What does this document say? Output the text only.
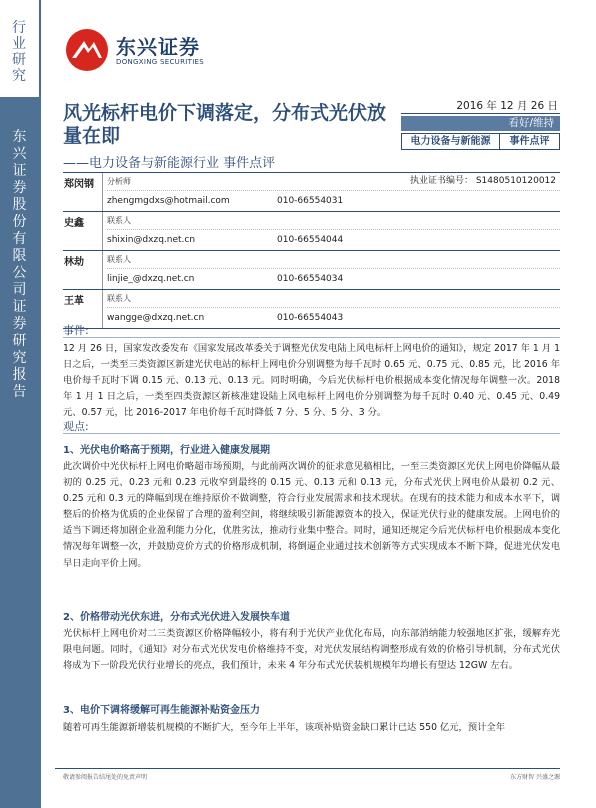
行业研究
东兴证券股份有限公司证券研究报告
东兴证券
DONGXING SECURITIES
风光标杆电价下调落定，分布式光伏放量在即
——电力设备与新能源行业 事件点评
2016 年 12 月 26 日
看好/维持
电力设备与新能源	事件点评
郑闵钢	分析师	执业证书编号： S1480510120012
zhengmgdxs@hotmail.com	010-66554031
史鑫	联系人
shixin@dxzq.net.cn	010-66554044
林劫	联系人
linjie_@dxzq.net.cn	010-66554034
王革	联系人
wangge@dxzq.net.cn	010-66554043
事件:
12 月 26 日，国家发改委发布《国家发展改革委关于调整光伏发电陆上风电标杆上网电价的通知》，规定 2017 年 1 月 1 日之后，一类至三类资源区新建光伏电站的标杆上网电价分别调整为每千瓦时 0.65 元、0.75 元、0.85 元，比 2016 年电价每千瓦时下调 0.15 元、0.13 元、0.13 元。同时明确，今后光伏标杆电价根据成本变化情况每年调整一次。2018 年 1 月 1 日之后，一类至四类资源区新核准建设陆上风电标杆上网电价分别调整为每千瓦时 0.40 元、0.45 元、0.49 元、0.57 元，比 2016-2017 年电价每千瓦时降低 7 分、5 分、5 分、3 分。
观点:
1、光伏电价略高于预期，行业进入健康发展期
此次调价中光伏标杆上网电价略超市场预期，与此前两次调价的征求意见稿相比，一至三类资源区光伏上网电价降幅从最初的 0.25 元、0.23 元和 0.23 元收窄到最终的 0.15 元、0.13 元和 0.13 元，分布式光伏上网电价从最初 0.2 元、0.25 元和 0.3 元的降幅到现在维持原价不做调整，符合行业发展需求和技术现状。在现有的技术能力和成本水平下，调整后的价格为优质的企业保留了合理的盈利空间，将继续吸引新能源资本的投入，保证光伏行业的健康发展。上网电价的适当下调还将加剧企业盈利能力分化，优胜劣汰，推动行业集中整合。同时，通知还规定今后光伏标杆电价根据成本变化情况每年调整一次，并鼓励竞价方式的价格形成机制，将倒逼企业通过技术创新等方式实现成本不断下降，促进光伏发电早日走向平价上网。
2、价格带动光伏东进，分布式光伏进入发展快车道
光伏标杆上网电价对二三类资源区价格降幅较小，将有利于光伏产业优化布局，向东部消纳能力较强地区扩张，缓解弃光限电问题。同时，《通知》对分布式光伏发电价格维持不变，对光伏发展结构调整形成有效的价格引导机制，分布式光伏将成为下一阶段光伏行业增长的亮点，我们预计，未来 4 年分布式光伏装机规模年均增长有望达 12GW 左右。
3、电价下调将缓解可再生能源补贴资金压力
随着可再生能源新增装机规模的不断扩大，至今年上半年，该项补贴资金缺口累计已达 550 亿元，预计全年
敬请参阅报告结尾处的免责声明	东方财智 兴盛之源
